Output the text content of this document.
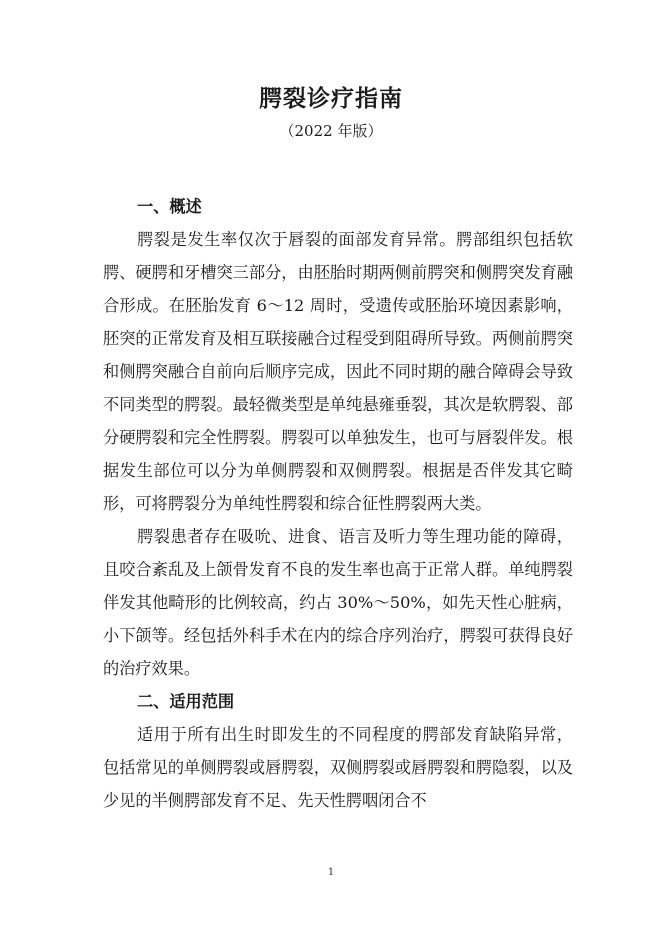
腭裂诊疗指南
（2022 年版）

一、概述

腭裂是发生率仅次于唇裂的面部发育异常。腭部组织包括软腭、硬腭和牙槽突三部分，由胚胎时期两侧前腭突和侧腭突发育融合形成。在胚胎发育 6～12 周时，受遗传或胚胎环境因素影响，胚突的正常发育及相互联接融合过程受到阻碍所导致。两侧前腭突和侧腭突融合自前向后顺序完成，因此不同时期的融合障碍会导致不同类型的腭裂。最轻微类型是单纯悬雍垂裂，其次是软腭裂、部分硬腭裂和完全性腭裂。腭裂可以单独发生，也可与唇裂伴发。根据发生部位可以分为单侧腭裂和双侧腭裂。根据是否伴发其它畸形，可将腭裂分为单纯性腭裂和综合征性腭裂两大类。

腭裂患者存在吸吮、进食、语言及听力等生理功能的障碍，且咬合紊乱及上颌骨发育不良的发生率也高于正常人群。单纯腭裂伴发其他畸形的比例较高，约占 30%～50%，如先天性心脏病，小下颌等。经包括外科手术在内的综合序列治疗，腭裂可获得良好的治疗效果。

二、适用范围

适用于所有出生时即发生的不同程度的腭部发育缺陷异常，包括常见的单侧腭裂或唇腭裂，双侧腭裂或唇腭裂和腭隐裂，以及少见的半侧腭部发育不足、先天性腭咽闭合不

1
